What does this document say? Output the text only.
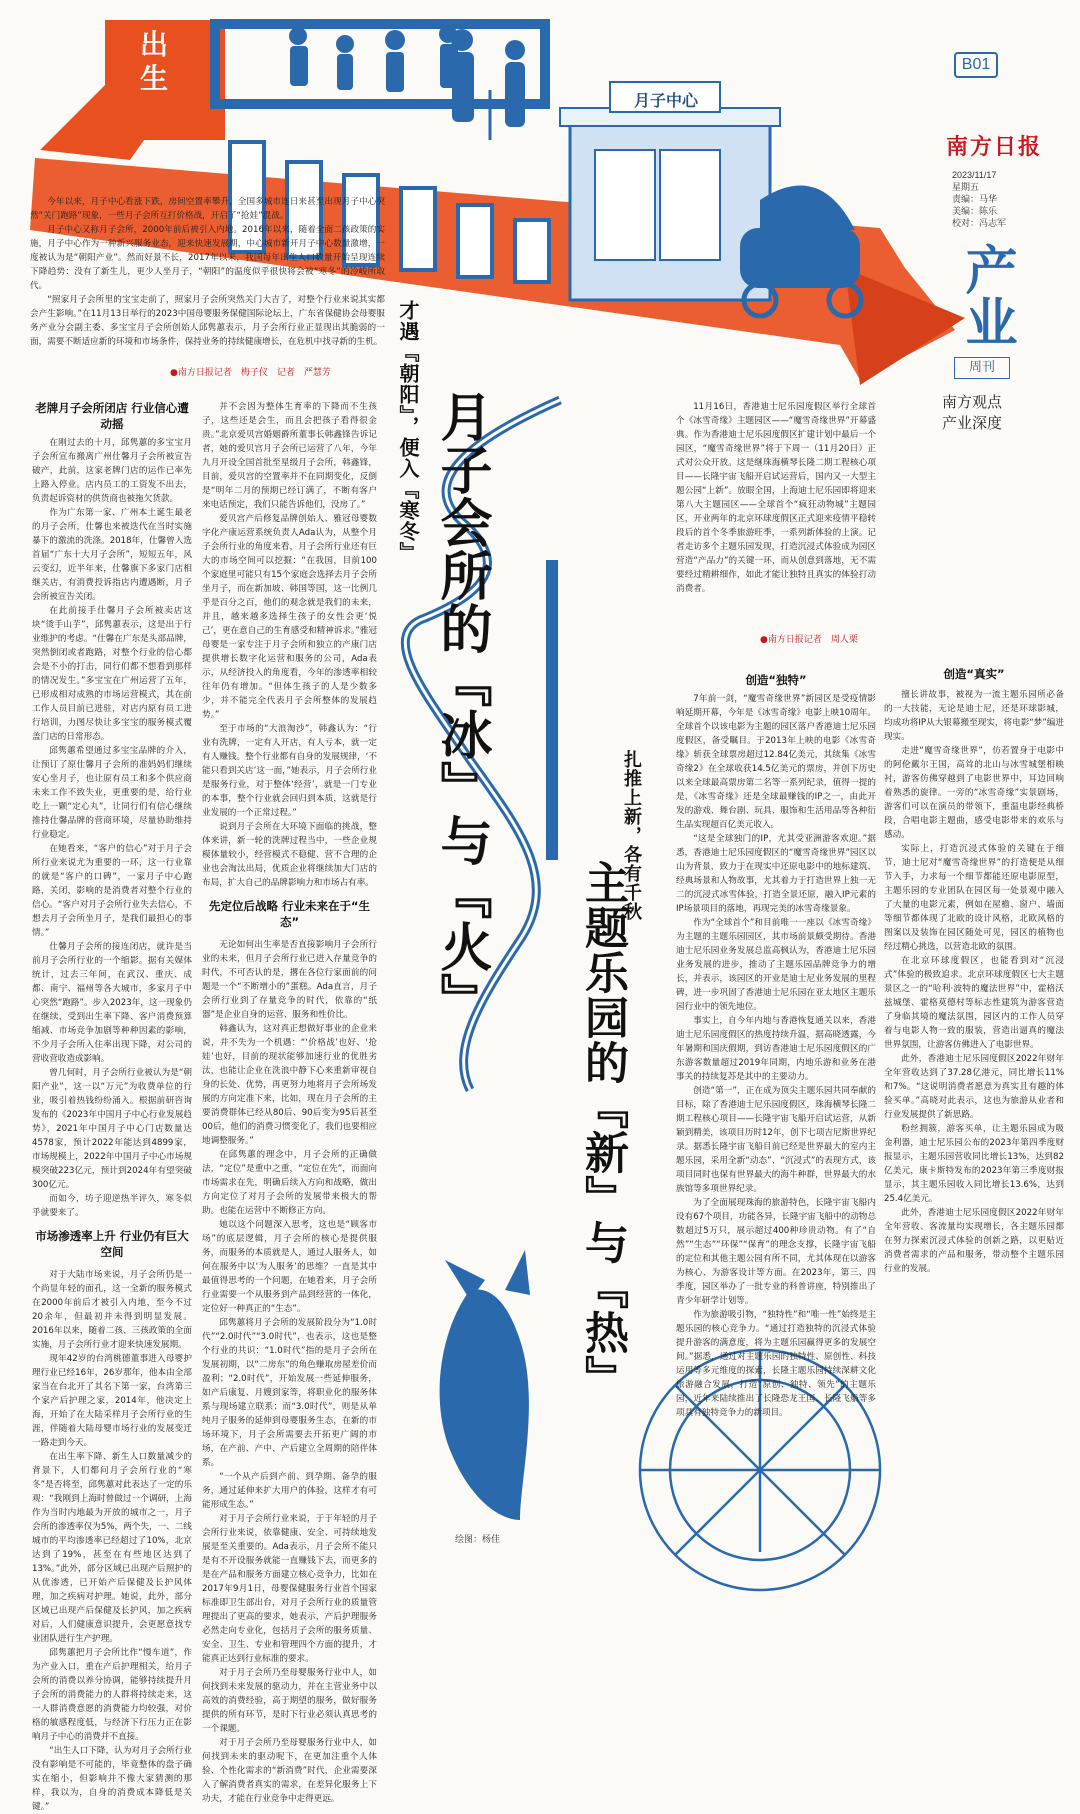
出生
月子中心
B01
南方日报
2023/11/17
星期五
责编：马华
美编：陈乐
校对：冯志军
产业
周刊
南方观点
产业深度

今年以来，月子中心看涨下跌，房间空置率攀升，全国多城市连日来甚至出现月子中心突然“关门跑路”现象，一些月子会所互打价格战，开启了“抢娃”混战。

月子中心又称月子会所，2000年前后被引入内地。2016年以来，随着全面二孩政策的实施，月子中心作为一种新兴服务业态，迎来快速发展期，中心城市新开月子中心数量激增，一度被认为是“朝阳产业”。然而好景不长，2017年以来，我国每年出生人口数量开始呈现连续下降趋势：没有了新生儿，更少人坐月子，“朝阳”的温度似乎很快将会被“寒冬”的冷峻所取代。

“照家月子会所里的宝宝走前了，照家月子会所突然关门大吉了，对整个行业来说其实都会产生影响。”在11月13日举行的2023中国母婴服务保健国际论坛上，广东省保健协会母婴服务产业分会副主委、多宝宝月子会所创始人邱隽蕙表示，月子会所行业正显现出其脆弱的一面，需要不断适应新的环境和市场条件，保持业务的持续健康增长，在危机中找寻新的生机。

●南方日报记者　梅子仪　记者　严慧芳	才遇『朝阳』，便入『寒冬』 月子会所的『冰』与『火』
老牌月子会所闭店 行业信心遭动摇

在刚过去的十月，邱隽蕙的多宝宝月子会所宣布搬离广州仕馨月子会所被宣告破产，此前，这家老牌门店的运作已率先上路入停业。店内员工的工资发不出去，负责起诉资材的供货商也被拖欠货款。

作为广东第一家、广州本土诞生最老的月子会所，仕馨也来被迭代在当时实施暴下的激流的洗涤。2018年，仕馨曾入选首届“广东十大月子会所”，短短五年，风云变幻，近半年来，仕馨旗下多家门店相继关店，有消费投诉指店内遭遇断，月子会所被宣告关闭。

在此前接手仕馨月子会所被卖店这块“烫手山芋”，邱隽蕙表示，这是出于行业维护的考虑。“仕馨在广东是头部品牌，突然倒闭或者跑路，对整个行业的信心都会是不小的打击，同行们都不想看到那样的情况发生。”多宝宝在广州运营了五年，已形成相对成熟的市场运营模式，其在前工作人员目前已进驻，对店内原有员工进行培训，力图尽快让多宝宝的服务模式覆盖门店的日常形态。

邱隽蕙希望通过多宝宝品牌的介入，让预订了原仕馨月子会所的准妈妈们继续安心坐月子，也让原有员工和多个供应商未来工作不致失业，更重要的是，给行业吃上一颗“定心丸”，让同行们有信心继续推持仕馨品牌的营商环境，尽量协助维持行业稳定。

在她看来，“客户的信心”对于月子会所行业来说尤为重要的一环，这一行业靠的就是“客户的口碑”，一家月子中心跑路，关闭，影响的是消费者对整个行业的信心。“客户对月子会所行业失去信心，不想去月子会所坐月子，是我们最担心的事情。”

仕馨月子会所的接连闭店，就许是当前月子会所行业的一个缩影。据有关媒体统计，过去三年间，在武汉、重庆、成都、南宁、福州等各大城市，多家月子中心突然“跑路”。步入2023年，这一现象仍在继续，受到出生率下降、客户消费预算缩减、市场竞争加剧等种种因素的影响，不少月子会所入住率出现下降，对公司的营收营收造成影响。

曾几何时，月子会所行业被认为是“朝阳产业”，这一以“万元”为收费单位的行业，吸引着热钱纷纷涌入。根据前研咨询发布的《2023年中国月子中心行业发展趋势》，2021年中国月子中心门店数量达4578家，预计2022年能达到4899家，市场规模上，2022年中国月子中心市场规模突破223亿元，预计到2024年有望突破300亿元。

而如今，坊子迎逆热半评久，寒冬似乎就要来了。

市场渗透率上升 行业仍有巨大空间

对于大陆市场来说，月子会所仍是一个尚显年轻的面孔，这一全新的服务模式在2000年前后才被引入内地，至今不过20余年，但最初并未得到明显发展。2016年以来，随着二孩、三孩政策的全面实施，月子会所行业才迎来快速发展期。

现年42岁的台湾桃德董事进入母婴护理行业已经16年，26岁那年，他本由全部家当在台北开了其名下第一家，台湾第三个家产后护理之家，2014年，他决定上海，开始了在大陆采样月子会所行业的生涯，伴随着大陆母婴市场行业的发展变迁一路走到今天。

在出生率下降、新生人口数量减少的背景下，人们都问月子会所行业的“寒冬”是否将至，邱隽蕙对此表达了一定的乐观：“我刚到上海时曾做过一个调研，上海作为当时内地最为开放的城市之一，月子会所的渗透率仅为5%，两个失，一、二线城市的平均渗透率已经超过了10%，北京达到了19%，甚至在有些地区达到了13%。”此外，部分区域已出现产后照护的从优渗透，已开始产后保健及长护风体理，加之疾病对护理。她说，此外，部分区域已出现产后保健及长护风，加之疾病对后，人们健康意识提升，会更愿意找专业团队进行生产护理。

邱隽蕙把月子会所比作“慢车道”，作为产业入口，重在产后护理相关，给月子会所的消费以养分协调，能够持续提升月子会所的消费能力的人群将持续走来，这一人群消费意愿的消费能力均较强，对价格的敏感程度低，与经济下行压力正在影响月子中心的消费并不直接。

“出生人口下降，认为对月子会所行业没有影响是不可能的，毕竟整体的盘子确实在缩小，但影响并不像大家猜测的那样，我以为，自身的消费成本降低是关键。”

并不会因为整体生育率的下降而不生孩子，这些还是会生，而且会把孩子看得很金贵。”北京爱贝宫婚姻爵所董事长韩鑫锋告诉记者，她的爱贝宫月子会所已运营了八年，今年九月开设全国首批至星级月子会所，韩鑫锋，目前，爱贝宫的空置率并不在同期变化，反倒是“明年二月的预期已经订满了，不断有客户来电话预定，我们只能告诉他们，没房了。”

爱贝宫产后修复品牌创始人、雅冠母婴数字化产康运营系统负责人Ada认为，从整个月子会所行业的角度来看，月子会所行业还有巨大的市场空间可以挖掘：“在我国，目前100个家庭里可能只有15个家庭会选择去月子会所坐月子，而在新加坡、韩国等国，这一比例几乎是百分之百，他们的观念就是我们的未来，并且，越来越多选择生孩子的女性会更‘悦己’，更在意自己的生育感受和精神诉求。”雅冠母婴是一家专注于月子会所和独立的产康门店提供增长数字化运营和服务的公司，Ada表示，从经济投入的角度看，今年的渗透率相较往年仍有增加。“但体生孩子的人是少数多少，并不能完全代表月子会所整体的发展趋势。”

至于市场的“大浪淘沙”，韩鑫认为：“行业有洗牌，一定有人开店，有人亏本，就一定有人赚钱。整个行业都有自身的发展规律，‘不能只看到关店’这一面，”她表示，月子会所行业是服务行业，对于整体‘经营’，就是一门专业的本事，整个行业就会回归到本质，这就是行业发展的一个正常过程。”

说到月子会所在大环境下面临的挑战，整体来讲，新一轮的洗牌过程当中，一些企业规模体量较小，经营模式不稳健、营不合理的企业也会淘汰出局，优质企业将继续加大门店的布局，扩大自己的品牌影响力和市场占有率。

先定位后战略 行业未来在于“生态”

无论如何出生率是否直接影响月子会所行业的未来，但月子会所行业已进入存量竞争的时代，不可否认的是，撂在各位行家面前的问题是一个“不断增小的”蛋糕。Ada直言，月子会所行业到了存量竞争的时代，依靠的“纸器”是企业自身的运营、服务和性价比。

韩鑫认为，这对真正想做好事业的企业来说，并不失为一个机遇：“‘价格战’也好、‘抢娃’也好，目前的现状能够加速行业的优胜劣汰，也能让企业在洗浪中静下心来重新审视自身的长处、优势，再更努力地将月子会所场发展的方向定准下来，比如，现在月子会所的主要消费群体已经从80后、90后变为95后甚至00后，他们的消费习惯变化了，我们也要相应地调整服务。”

在邱隽蕙的理念中，月子会所的正确做法，“定位”是重中之重，“定位在先”，而面向市场需求在先，明确后续入方向和战略，做出方向定位了对月子会所的发展带来极大的帮助。也能在运营中不断修正方向。

她以这个问题深入思考，这也是“顾客市场”的底层逻辑，月子会所的核心是提供服务，而服务的本质就是人，通过人服务人，如何在服务中以‘为人服务’的思维？一直是其中最值得思考的一个问题，在她看来，月子会所行业需要一个从服务到产品到经营的一体化，定位好一种真正的“生态”。

邱隽蕙将月子会所的发展阶段分为“1.0时代”“2.0时代”“3.0时代”，也表示，这也是整个行业的共识：“1.0时代”指的是月子会所在发展初期，以“二房东”的角色赚取房屋差价而盈利；“2.0时代”，开始发展一些延伸服务，如产后康复、月嫂到家等，将职业化的服务体系与现场建立联系；而“3.0时代”，则是从单纯月子服务的延伸到母婴服务生态，在新的市场环境下，月子会所需要去开拓更广阔的市场，在产前、产中、产后建立全周期的陪伴体系。

“一个从产后到产前、到孕期、备孕的服务，通过延伸来扩大用户的体验，这样才有可能形成生态。”

对于月子会所行业来说，于于年轻的月子会所行业来说，依靠健康、安全、可持续地发展是至关重要的。Ada表示，月子会所不能只是有不开设服务就能一直赚钱下去，而更多的是在产品和服务方面建立核心竞争力，比如在2017年9月1日，母婴保健服务行业首个国家标准即卫生部出台，对月子会所行业的质量管理提出了更高的要求，她表示，产后护理服务必然走向专业化，包括月子会所的服务质量、安全、卫生、专业和管理四个方面的提升，才能真正达到行业标准的要求。

对于月子会所乃至母婴服务行业中人，如何找到未来发展的驱动力，并在主营业务中以高效的消费经验，高于期望的服务，做好服务提供的所有环节，是时下行业必须认真思考的一个课题。

对于月子会所乃至母婴服务行业中人，如何找到未来的驱动呢下，在更加注重个人体验、个性化需求的“新消费”时代，企业需要深入了解消费者真实的需求，在差异化服务上下功夫，才能在行业竞争中走得更远。

11月16日，香港迪士尼乐园度假区举行全球首个《冰雪奇缘》主题园区——“魔雪奇缘世界”开幕盛典。作为香港迪士尼乐园度假区扩建计划中最后一个园区，“魔雪奇缘世界”将于下周一（11月20日）正式对公众开放。这是继珠海横琴长隆二期工程核心项目——长隆宇宙飞船开启试运营后，国内又一大型主题公园“上新”。放眼全国，上海迪士尼乐园即将迎来第八大主题园区——全球首个“疯狂动物城”主题园区，开业两年的北京环球度假区正式迎来疫情平稳转段后的首个冬季旅游旺季，一系列新体验的上演。记者走访多个主题乐园发现，打造沉浸式体验成为园区营造“产品力”的关键一环，而从创意到落地，无不需要经过精耕细作，如此才能让独特且真实的体验打动消费者。

●南方日报记者　周人栗
扎推上新，各有千秋
主题乐园的『新』与『热』
创造“独特”

7年前一剑，“魔雪奇缘世界”新园区是受疫情影响延期开幕，今年是《冰雪奇缘》电影上映10周年。全球首个以该电影为主题的园区落户香港迪士尼乐园度假区，备受瞩目。于2013年上映的电影《冰雪奇缘》斩获全球票房超过12.84亿美元，其续集《冰雪奇缘2》在全球收获14.5亿美元的票房，并创下历史以来全球最高票房第二名等一系列纪录，值得一提的是，《冰雪奇缘》还是全球最赚钱的IP之一，由此开发的游戏、舞台剧、玩具、服饰和生活用品等各种衍生品实现超百亿美元收入。

“这是全球独门的IP，尤其受亚洲游客欢迎。”据悉，香港迪士尼乐园度假区的“魔雪奇缘世界”园区以山为背景，致力于在现实中还原电影中的地标建筑、经典场景和人物故事，尤其着力于打造世界上独一无二的沉浸式冰雪体验，打造全景还原，融入IP元素的IP场景项目的落地，再现完美的冰雪奇缘景象。

作为“全球首个”和目前唯一一座以《冰雪奇缘》为主题的主题乐园园区，其市场前景颇受期待。香港迪士尼乐园业务发展总监高枫认为，香港迪士尼乐园业务发展的进步，推动了主题乐园品牌竞争力的增长，并表示，该园区的开业是迪士尼业务发展的里程碑，进一步巩固了香港迪士尼乐园在亚太地区主题乐园行业中的领先地位。

事实上，自今年内地与香港恢复通关以来，香港迪士尼乐园度假区的热度持续升温，据高晓透露，今年暑期和国庆假期，到访香港迪士尼乐园度假区的广东游客数量超过2019年同期，内地乐游和业务在港事关的持续复苏是其中的主要动力。

创造“第一”，正在成为顶尖主题乐园共同奉献的目标，除了香港迪士尼乐园度假区，珠海横琴长隆二期工程核心项目——长隆宇宙飞船开启试运营，从新颖到精美，该项目历时12年，创下七项吉尼斯世界纪录。据悉长隆宇宙飞船目前已经是世界最大的室内主题乐园，采用全新“动态”、“沉浸式”的表现方式，该项目同时也保有世界最大的海牛种群，世界最大的水族馆等多项世界纪录。

为了全面展现珠海的旅游特色，长隆宇宙飞船内设有67个项目，功能各异，长隆宇宙飞船中的动物总数超过5万只，展示超过400种珍贵动物。有了“自然”“生态”“环保”“保育”的理念支撑，长隆宇宙飞船的定位和其他主题公园有所不同，尤其体现在以游客为核心、为游客设计等方面。在2023年，第三、四季度，园区举办了一批专业的科普讲座，特别推出了青少年研学计划等。

作为旅游吸引物，“独特性”和“唯一性”始终是主题乐园的核心竞争力。“通过打造独特的沉浸式体验提升游客的满意度，将为主题乐园赢得更多的发展空间。”据悉，通过对主题乐园的独特性、原创性、科技运用等多元维度的探索，长隆主题乐园持续深耕文化旅游融合发展，打造“原创、独特、领先”的主题乐园，近年来陆续推出了长隆恐龙王国、长隆飞船等多项具有独特竞争力的新项目。

创造“真实”

擅长讲故事，被视为一流主题乐园所必备的一大技能，无论是迪士尼，还是环球影城，均成功将IP从大银幕搬至现实，将电影“梦”编进现实。

走进“魔雪奇缘世界”，仿若置身于电影中的阿伦戴尔王国，高耸的北山与冰雪城堡相映衬，游客仿佛穿越到了电影世界中，耳边回响着熟悉的旋律。一旁的“冰雪奇缘”实景剧场，游客们可以在演员的带领下，重温电影经典桥段，合唱电影主题曲，感受电影带来的欢乐与感动。

实际上，打造沉浸式体验的关键在于细节，迪士尼对“魔雪奇缘世界”的打造便是从细节入手，力求每一个细节都能还原电影原型，主题乐园的专业团队在园区每一处景观中融入了大量的电影元素，例如在屋檐、窗户、墙面等细节都体现了北欧的设计风格，北欧风格的图案以及装饰在园区随处可见，园区的植物也经过精心挑选，以营造北欧的氛围。

在北京环球度假区，也能看到对“沉浸式”体验的极致追求。北京环球度假区七大主题景区之一的“哈利·波特的魔法世界”中，霍格沃兹城堡、霍格莫德村等标志性建筑为游客营造了身临其境的魔法氛围，园区内的工作人员穿着与电影人物一致的服装，营造出逼真的魔法世界氛围，让游客仿佛进入了电影世界。

此外，香港迪士尼乐园度假区2022年财年全年营收达到了37.28亿港元，同比增长11%和7%。“这说明消费者愿意为真实且有趣的体验买单。”高晓对此表示，这也为旅游从业者和行业发展提供了新思路。

粉丝拥簇，游客买单，让主题乐园成为吸金利器，迪士尼乐园公布的2023年第四季度财报显示，主题乐园营收同比增长13%，达到82亿美元，康卡斯特发布的2023年第三季度财报显示，其主题乐园收入同比增长13.6%，达到25.4亿美元。

此外，香港迪士尼乐园度假区2022年财年全年营收、客流量均实现增长，各主题乐园都在努力探索沉浸式体验的创新之路，以更贴近消费者需求的产品和服务，带动整个主题乐园行业的发展。

绘图：杨佳
